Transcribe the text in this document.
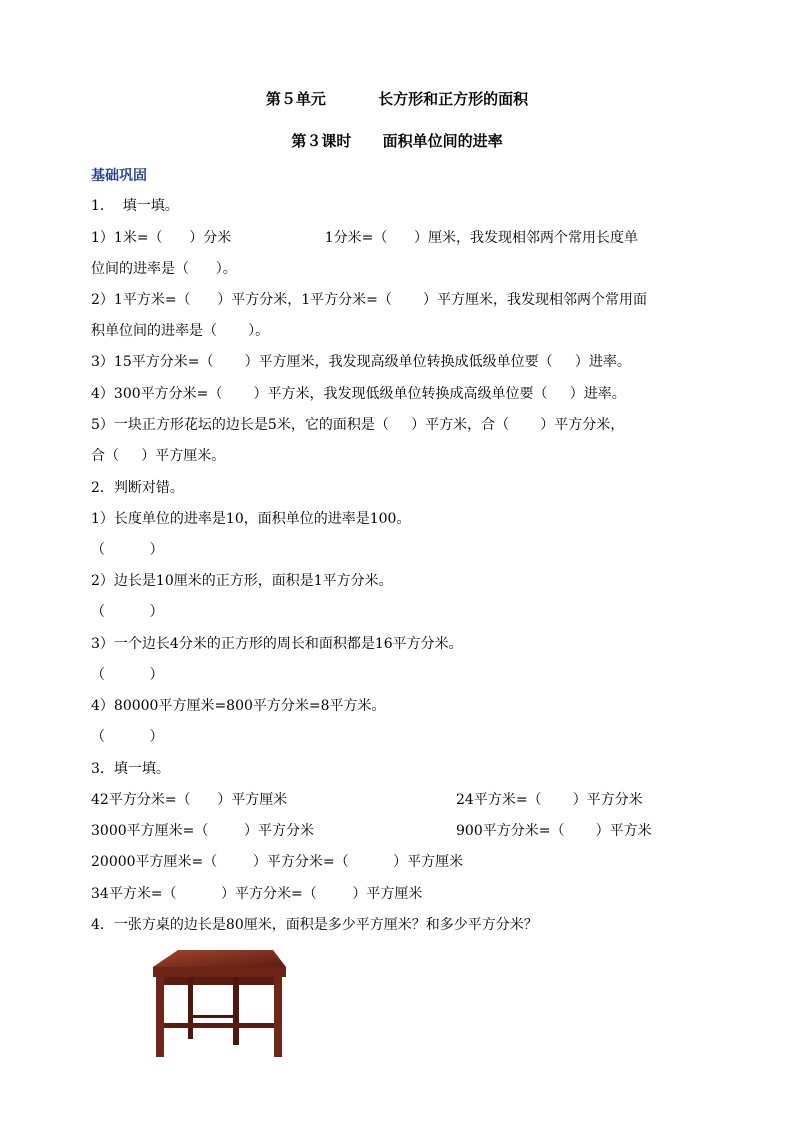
第５单元          长方形和正方形的面积
第３课时      面积单位间的进率
基础巩固
1．  填一填。
1）1米=（      ）分米                     1分米=（      ）厘米，我发现相邻两个常用长度单
位间的进率是（      ）。
2）1平方米=（      ）平方分米，1平方分米=（       ）平方厘米，我发现相邻两个常用面
积单位间的进率是（       ）。
3）15平方分米=（       ）平方厘米，我发现高级单位转换成低级单位要（     ）进率。
4）300平方分米=（       ）平方米，我发现低级单位转换成高级单位要（     ）进率。
5）一块正方形花坛的边长是5米，它的面积是（     ）平方米，合（       ）平方分米，
合（     ）平方厘米。
2．判断对错。
1）长度单位的进率是10，面积单位的进率是100。
（          ）
2）边长是10厘米的正方形，面积是1平方分米。
（          ）
3）一个边长4分米的正方形的周长和面积都是16平方分米。
（          ）
4）80000平方厘米=800平方分米=8平方米。
（          ）
3．填一填。
42平方分米=（      ）平方厘米	24平方米=（       ）平方分米
3000平方厘米=（        ）平方分米	900平方分米=（       ）平方米
20000平方厘米=（        ）平方分米=（          ）平方厘米
34平方米=（          ）平方分米=（        ）平方厘米
4．一张方桌的边长是80厘米，面积是多少平方厘米？和多少平方分米？
